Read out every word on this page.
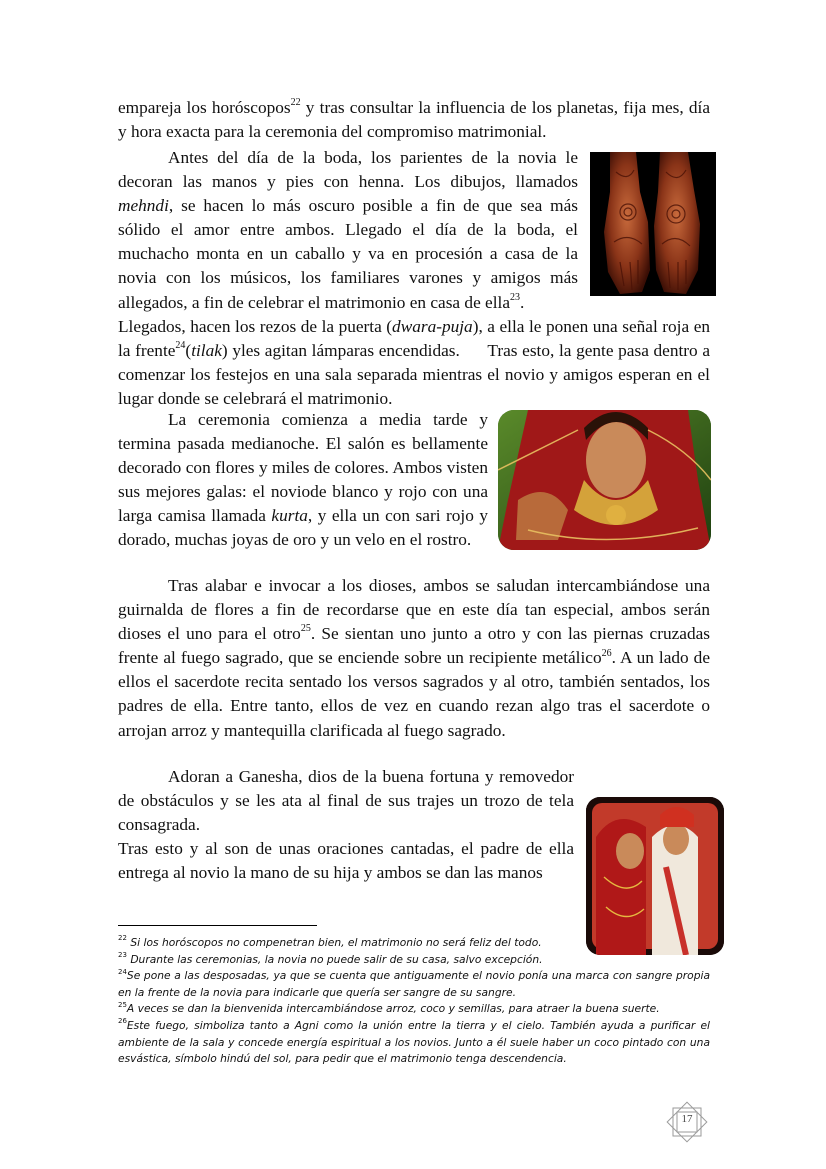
empareja los horóscopos$^{22}$ y tras consultar la influencia de los planetas, fija mes, día y hora exacta para la ceremonia del compromiso matrimonial.

Antes del día de la boda, los parientes de la novia le decoran las manos y pies con henna. Los dibujos, llamados mehndi, se hacen lo más oscuro posible a fin de que sea más sólido el amor entre ambos. Llegado el día de la boda, el muchacho monta en un caballo y va en procesión a casa de la novia con los músicos, los familiares varones y amigos más allegados, a fin de celebrar el matrimonio en casa de ella$^{23}$.

Llegados, hacen los rezos de la puerta (dwara-puja), a ella le ponen una señal roja en la frente$^{24}$(tilak) yles agitan lámparas encendidas.      Tras esto, la gente pasa dentro a comenzar los festejos en una sala separada mientras el novio y amigos esperan en el lugar donde se celebrará el matrimonio.

La ceremonia comienza a media tarde y termina pasada medianoche. El salón es bellamente decorado con flores y miles de colores. Ambos visten sus mejores galas: el noviode blanco y rojo con una larga camisa llamada kurta, y ella un con sari rojo y dorado, muchas joyas de oro y un velo en el rostro.

Tras alabar e invocar a los dioses, ambos se saludan intercambiándose una guirnalda de flores a fin de recordarse que en este día tan especial, ambos serán dioses el uno para el otro$^{25}$. Se sientan uno junto a otro y con las piernas cruzadas frente al fuego sagrado, que se enciende sobre un recipiente metálico$^{26}$. A un lado de ellos el sacerdote recita sentado los versos sagrados y al otro, también sentados, los padres de ella. Entre tanto, ellos de vez en cuando rezan algo tras el sacerdote o arrojan arroz y mantequilla clarificada al fuego sagrado.

Adoran a Ganesha, dios de la buena fortuna y removedor de obstáculos y se les ata al final de sus trajes un trozo de tela consagrada.

Tras esto y al son de unas oraciones cantadas, el padre de ella entrega al novio la mano de su hija y ambos se dan las manos

$^{22}$ Si los horóscopos no compenetran bien, el matrimonio no será feliz del todo.

$^{23}$ Durante las ceremonias, la novia no puede salir de su casa, salvo excepción.

$^{24}$Se pone a las desposadas, ya que se cuenta que antiguamente el novio ponía una marca con sangre propia en la frente de la novia para indicarle que quería ser sangre de su sangre.

$^{25}$A veces se dan la bienvenida intercambiándose arroz, coco y semillas, para atraer la buena suerte.

$^{26}$Este fuego, simboliza tanto a Agni como la unión entre la tierra y el cielo. También ayuda a purificar el ambiente de la sala y concede energía espiritual a los novios. Junto a él suele haber un coco pintado con una esvástica, símbolo hindú del sol, para pedir que el matrimonio tenga descendencia.

17
